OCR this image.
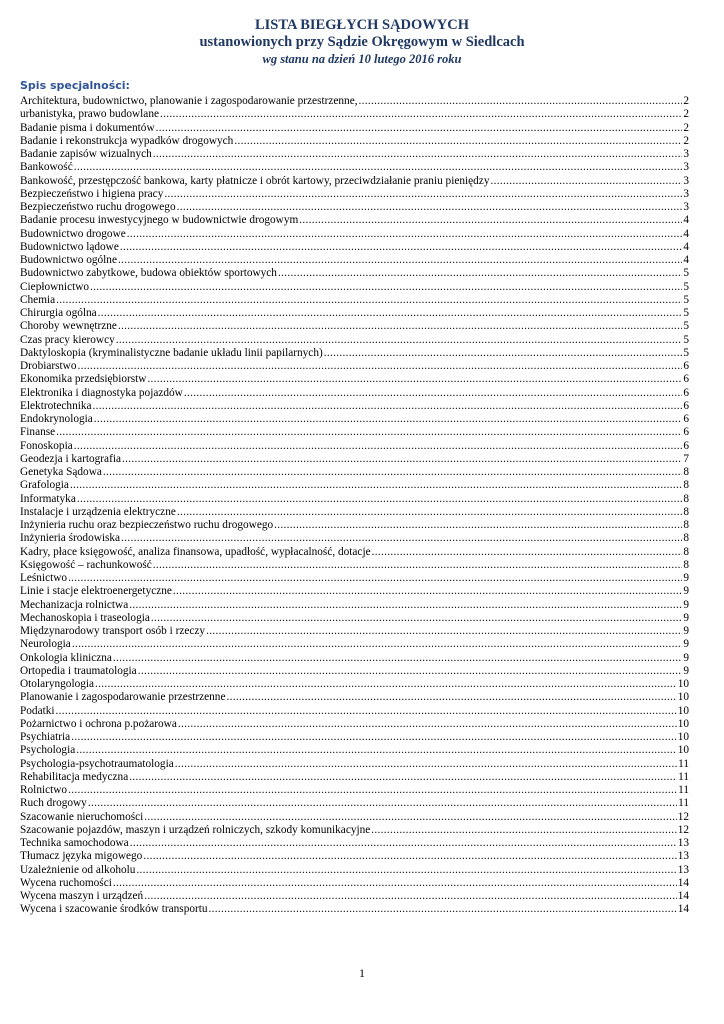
LISTA BIEGŁYCH SĄDOWYCH
ustanowionych przy Sądzie Okręgowym w Siedlcach
wg stanu na dzień 10 lutego 2016 roku
Spis specjalności:
Architektura, budownictwo, planowanie i zagospodarowanie przestrzenne, .....	2
urbanistyka, prawo budowlane .....	2
Badanie pisma i dokumentów .....	2
Badanie i rekonstrukcja wypadków drogowych .....	2
Badanie zapisów wizualnych .....	3
Bankowość .....	3
Bankowość, przestępczość bankowa, karty płatnicze i obrót kartowy, przeciwdziałanie praniu pieniędzy .....	3
Bezpieczeństwo i higiena pracy .....	3
Bezpieczeństwo ruchu drogowego .....	3
Badanie procesu inwestycyjnego w budownictwie drogowym .....	4
Budownictwo drogowe .....	4
Budownictwo lądowe .....	4
Budownictwo ogólne .....	4
Budownictwo zabytkowe, budowa obiektów sportowych .....	5
Ciepłownictwo .....	5
Chemia .....	5
Chirurgia ogólna .....	5
Choroby wewnętrzne .....	5
Czas pracy kierowcy .....	5
Daktyloskopia (kryminalistyczne badanie układu linii papilarnych) .....	5
Drobiarstwo .....	6
Ekonomika przedsiębiorstw .....	6
Elektronika i diagnostyka pojazdów .....	6
Elektrotechnika .....	6
Endokrynologia .....	6
Finanse .....	6
Fonoskopia .....	6
Geodezja i kartografia .....	7
Genetyka Sądowa .....	8
Grafologia .....	8
Informatyka .....	8
Instalacje i urządzenia elektryczne .....	8
Inżynieria ruchu oraz bezpieczeństwo ruchu drogowego .....	8
Inżynieria środowiska .....	8
Kadry, płace księgowość, analiza finansowa, upadłość, wypłacalność, dotacje .....	8
Księgowość – rachunkowość .....	8
Leśnictwo .....	9
Linie i stacje elektroenergetyczne .....	9
Mechanizacja rolnictwa .....	9
Mechanoskopia i traseologia .....	9
Międzynarodowy transport osób i rzeczy .....	9
Neurologia .....	9
Onkologia kliniczna .....	9
Ortopedia i traumatologia .....	9
Otolaryngologia .....	10
Planowanie i zagospodarowanie przestrzenne .....	10
Podatki .....	10
Pożarnictwo i ochrona p.pożarowa .....	10
Psychiatria .....	10
Psychologia .....	10
Psychologia-psychotraumatologia .....	11
Rehabilitacja medyczna .....	11
Rolnictwo .....	11
Ruch drogowy .....	11
Szacowanie nieruchomości .....	12
Szacowanie pojazdów, maszyn i urządzeń rolniczych, szkody komunikacyjne .....	12
Technika samochodowa .....	13
Tłumacz języka migowego .....	13
Uzależnienie od alkoholu .....	13
Wycena ruchomości .....	14
Wycena maszyn i urządzeń .....	14
Wycena i szacowanie środków transportu .....	14
1
